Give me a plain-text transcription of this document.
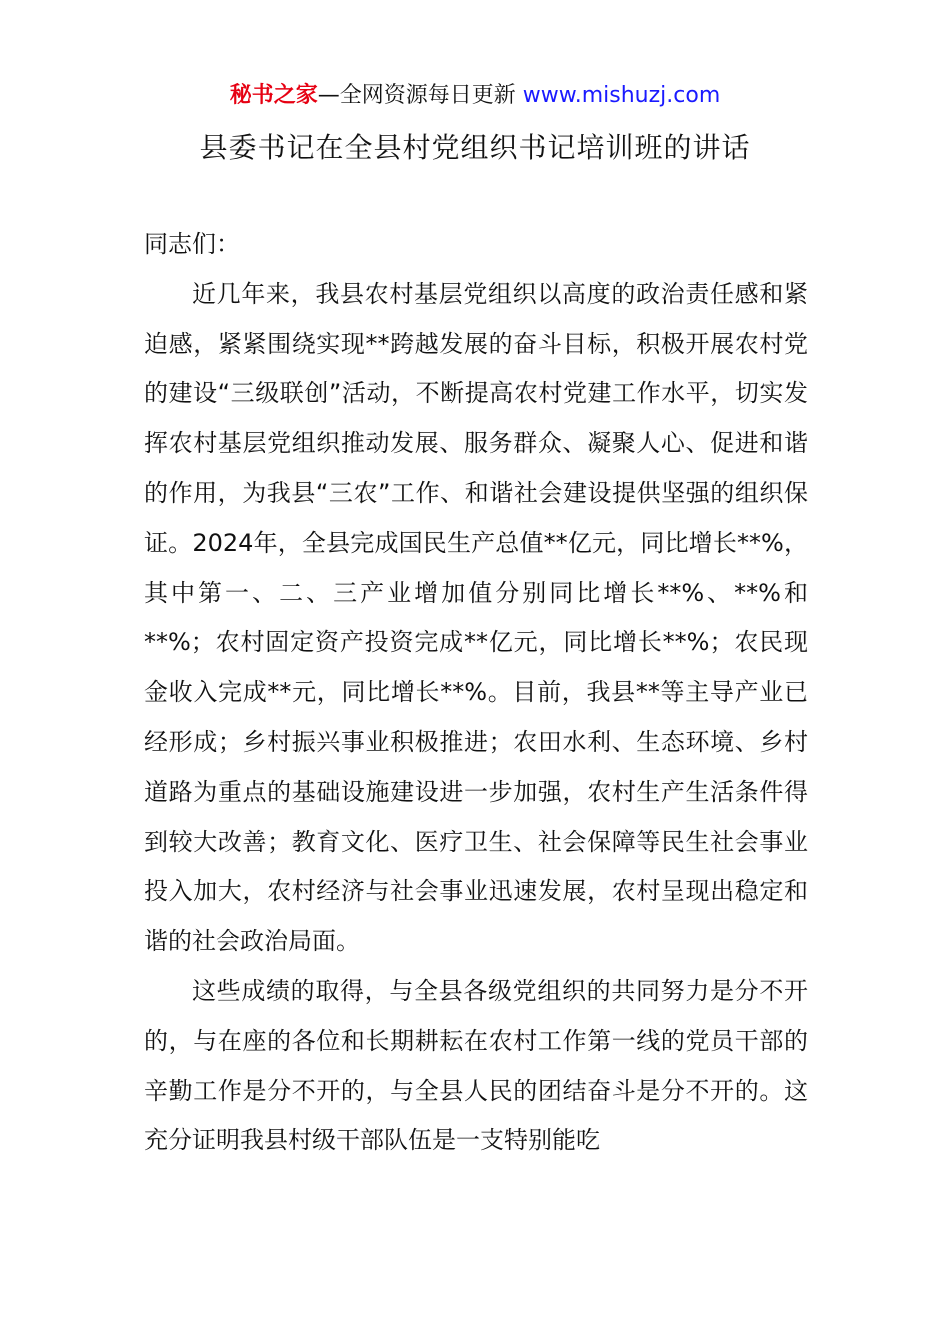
秘书之家—全网资源每日更新 www.mishuzj.com
县委书记在全县村党组织书记培训班的讲话

同志们：

近几年来，我县农村基层党组织以高度的政治责任感和紧迫感，紧紧围绕实现**跨越发展的奋斗目标，积极开展农村党的建设“三级联创”活动，不断提高农村党建工作水平，切实发挥农村基层党组织推动发展、服务群众、凝聚人心、促进和谐的作用，为我县“三农”工作、和谐社会建设提供坚强的组织保证。2024年，全县完成国民生产总值**亿元，同比增长**%，其中第一、二、三产业增加值分别同比增长**%、**%和**%；农村固定资产投资完成**亿元，同比增长**%；农民现金收入完成**元，同比增长**%。目前，我县**等主导产业已经形成；乡村振兴事业积极推进；农田水利、生态环境、乡村道路为重点的基础设施建设进一步加强，农村生产生活条件得到较大改善；教育文化、医疗卫生、社会保障等民生社会事业投入加大，农村经济与社会事业迅速发展，农村呈现出稳定和谐的社会政治局面。

这些成绩的取得，与全县各级党组织的共同努力是分不开的，与在座的各位和长期耕耘在农村工作第一线的党员干部的辛勤工作是分不开的，与全县人民的团结奋斗是分不开的。这充分证明我县村级干部队伍是一支特别能吃
